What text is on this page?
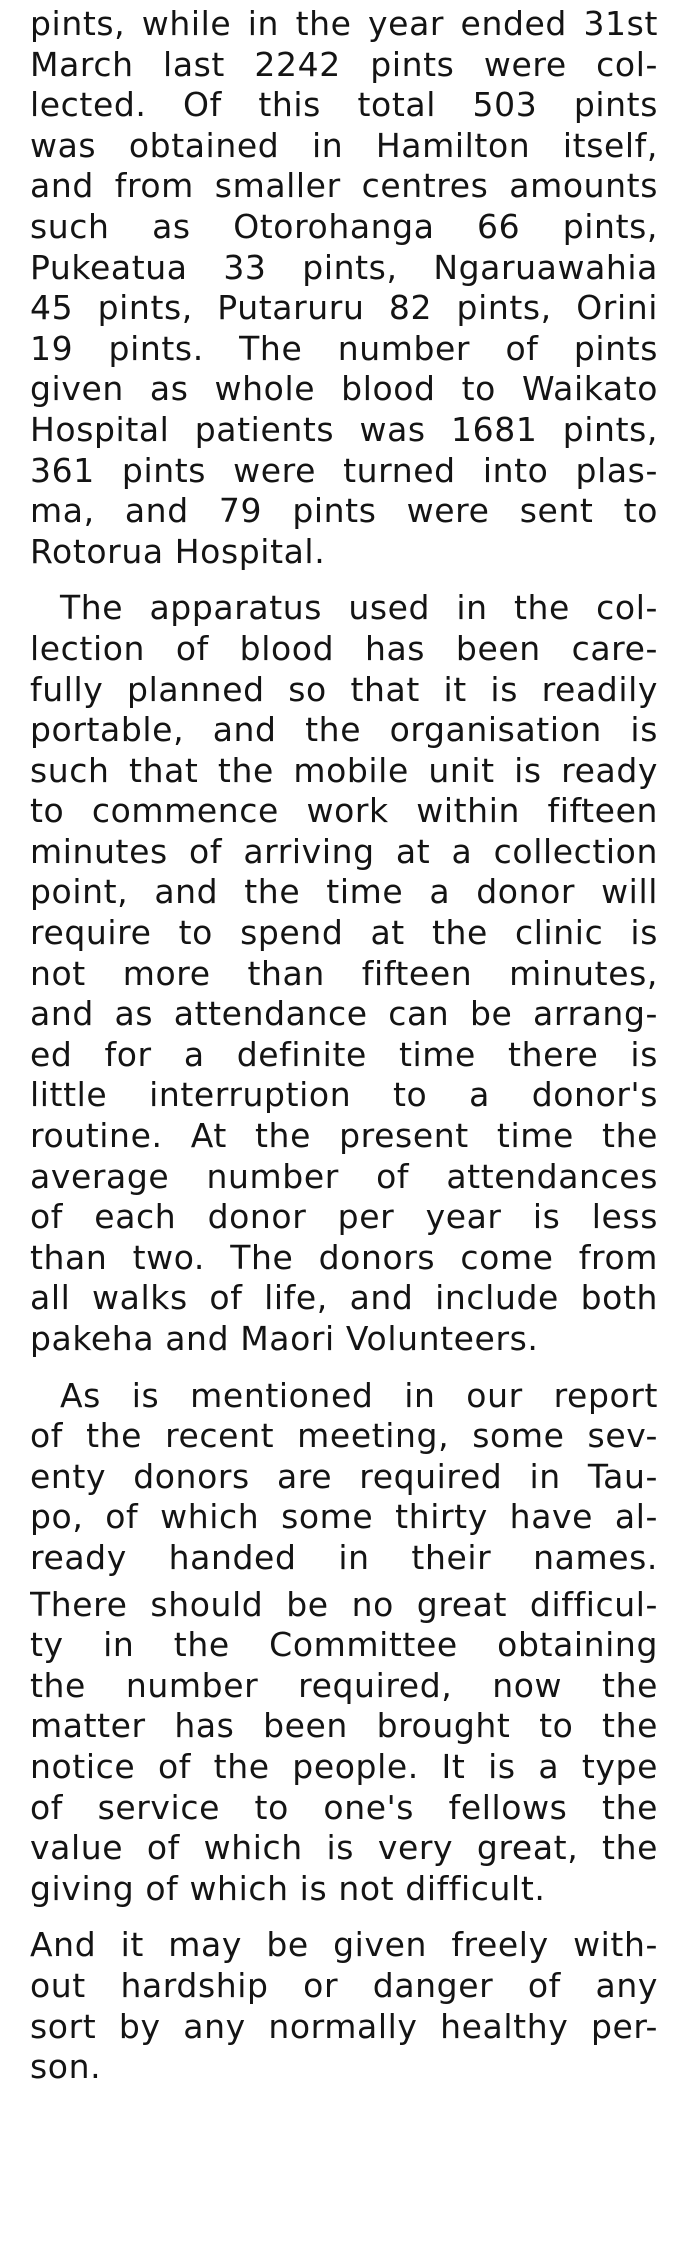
pints, while in the year ended 31st
March last 2242 pints were col-
lected. Of this total 503 pints
was obtained in Hamilton itself,
and from smaller centres amounts
such as Otorohanga 66 pints,
Pukeatua 33 pints, Ngaruawahia
45 pints, Putaruru 82 pints, Orini
19 pints. The number of pints
given as whole blood to Waikato
Hospital patients was 1681 pints,
361 pints were turned into plas-
ma, and 79 pints were sent to
Rotorua Hospital.
The apparatus used in the col-
lection of blood has been care-
fully planned so that it is readily
portable, and the organisation is
such that the mobile unit is ready
to commence work within fifteen
minutes of arriving at a collection
point, and the time a donor will
require to spend at the clinic is
not more than fifteen minutes,
and as attendance can be arrang-
ed for a definite time there is
little interruption to a donor's
routine. At the present time the
average number of attendances
of each donor per year is less
than two. The donors come from
all walks of life, and include both
pakeha and Maori Volunteers.
As is mentioned in our report
of the recent meeting, some sev-
enty donors are required in Tau-
po, of which some thirty have al-
ready handed in their names.
There should be no great difficul-
ty in the Committee obtaining
the number required, now the
matter has been brought to the
notice of the people. It is a type
of service to one's fellows the
value of which is very great, the
giving of which is not difficult.
And it may be given freely with-
out hardship or danger of any
sort by any normally healthy per-
son.
